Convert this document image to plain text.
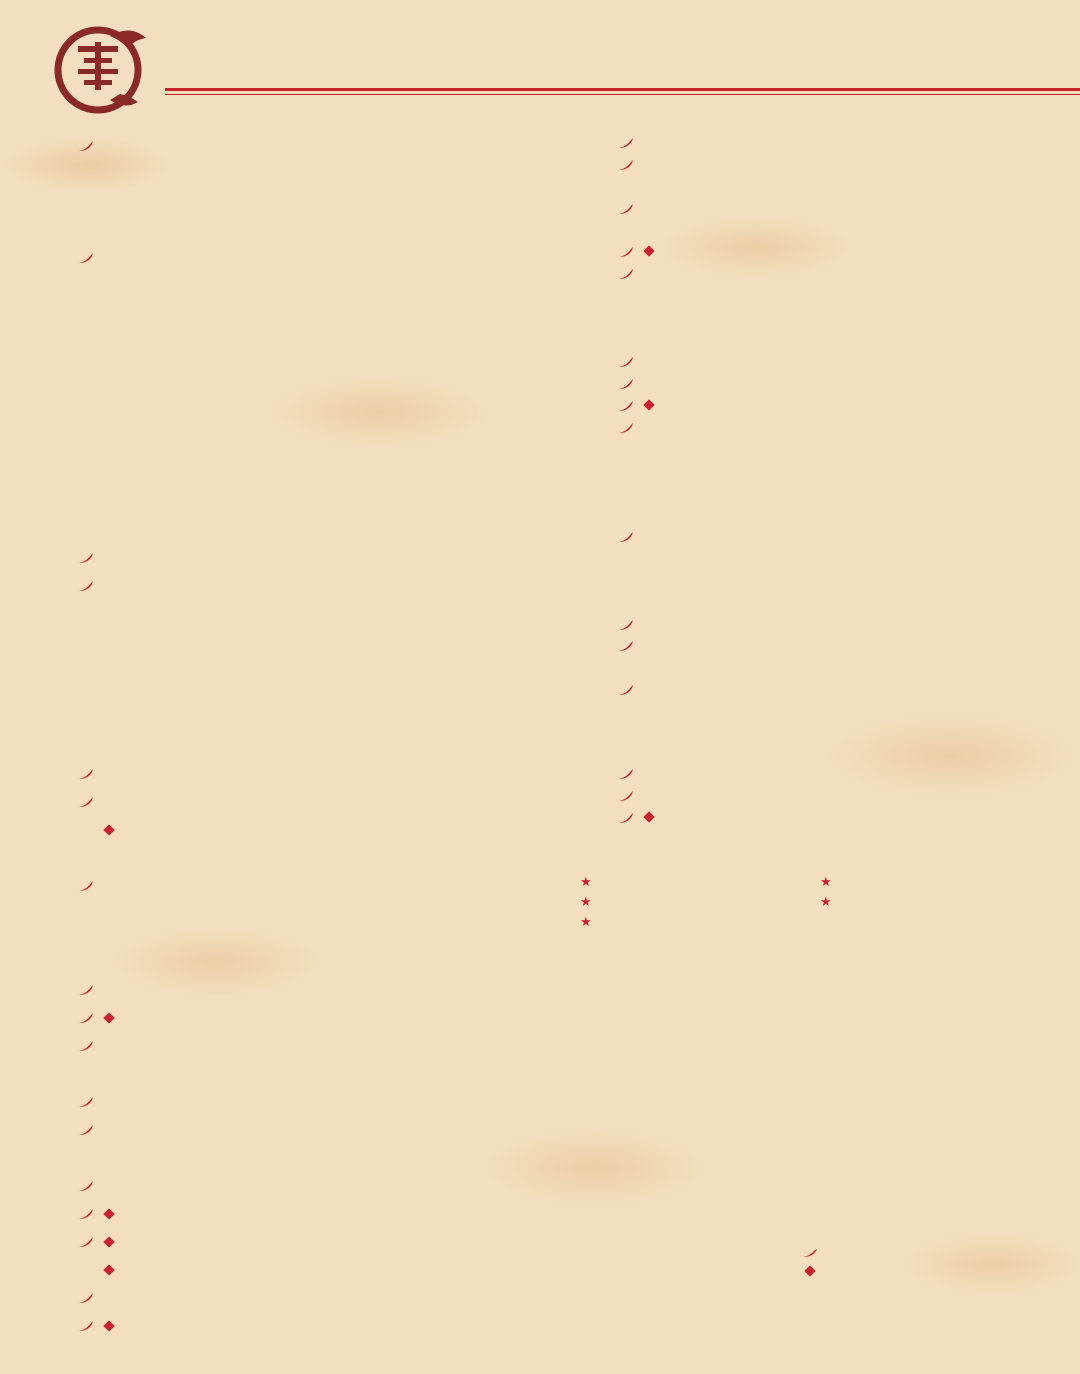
★	★
★	★
★
